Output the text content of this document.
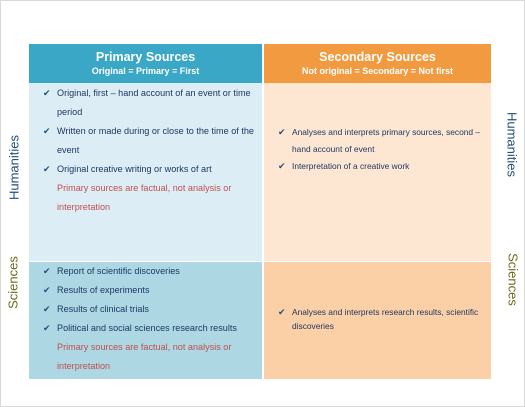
Humanities
Sciences
Humanities
Sciences
Primary Sources
Original = Primary = First
Secondary Sources
Not original = Secondary = Not first
✔ Original, first – hand account of an event or time period
✔ Written or made during or close to the time of the event
✔ Original creative writing or works of art
Primary sources are factual, not analysis or interpretation
✔ Analyses and interprets primary sources, second – hand account of event
✔ Interpretation of a creative work
✔ Report of scientific discoveries
✔ Results of experiments
✔ Results of clinical trials
✔ Political and social sciences research results
Primary sources are factual, not analysis or interpretation
✔ Analyses and interprets research results, scientific discoveries
